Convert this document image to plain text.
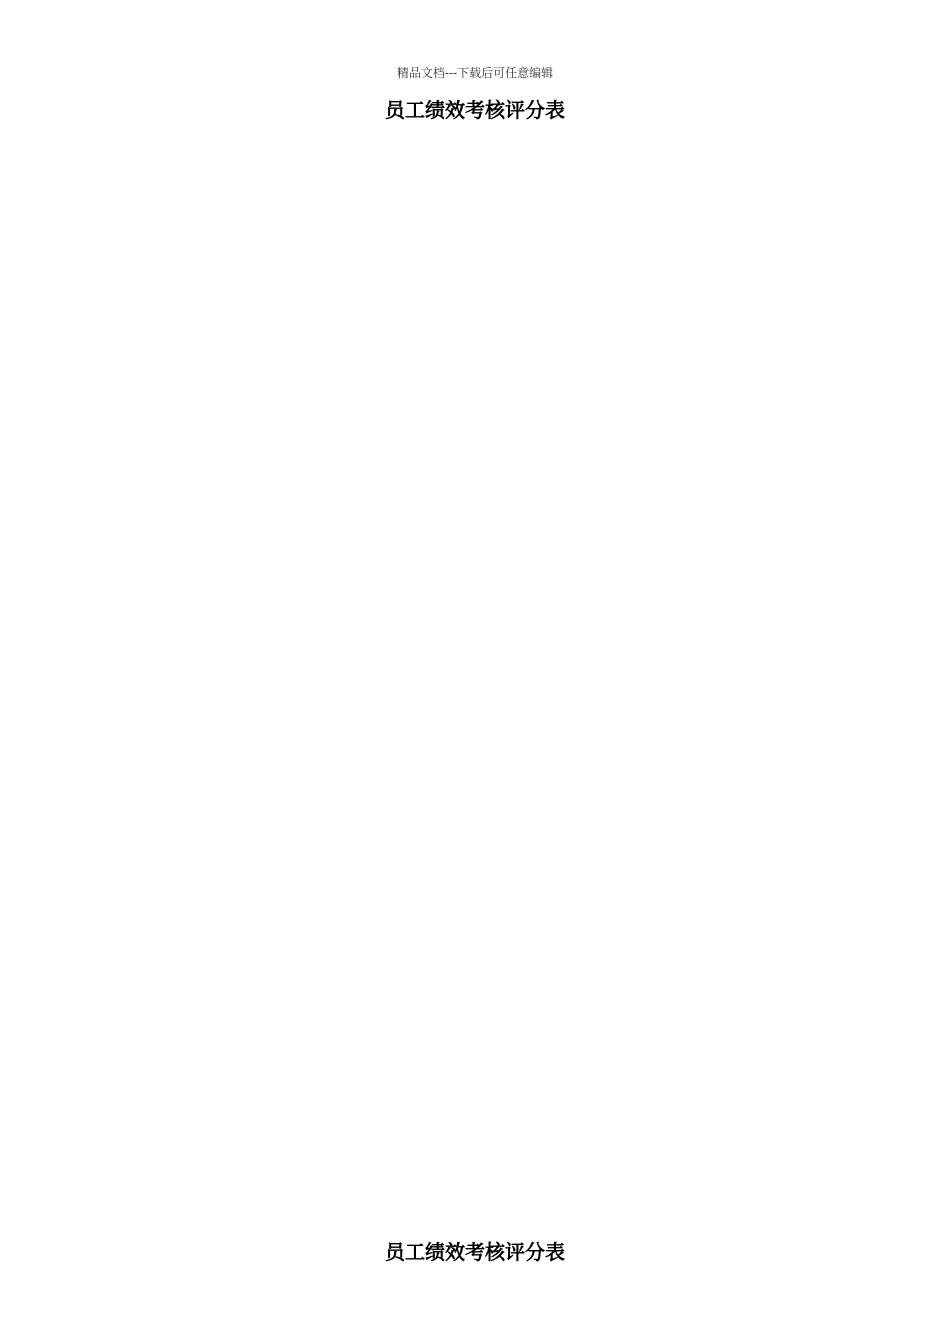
精品文档---下载后可任意编辑
员工绩效考核评分表
员工绩效考核评分表
